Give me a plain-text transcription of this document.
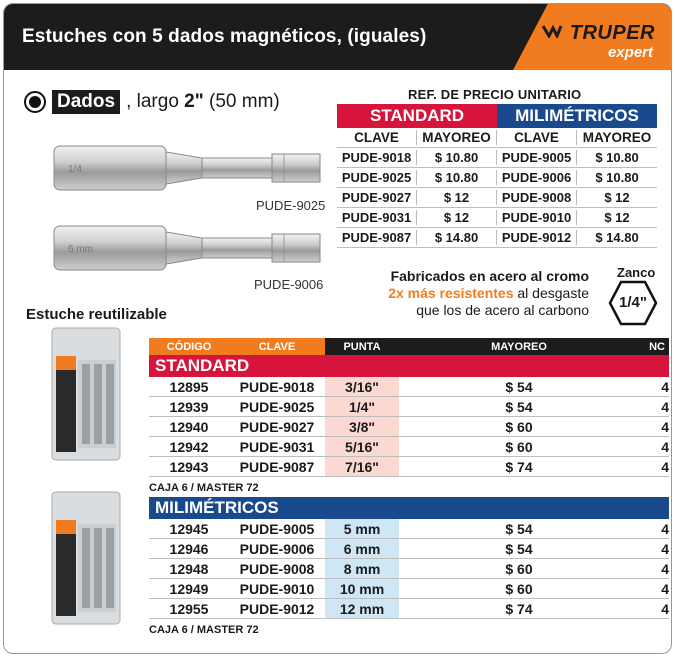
Estuches con 5 dados magnéticos, (iguales)	TRUPER
expert
Dados , largo 2" (50 mm)
1/4
PUDE-9025
6 mm
PUDE-9006
REF. DE PRECIO UNITARIO
STANDARD	MILIMÉTRICOS
CLAVE	MAYOREO	CLAVE	MAYOREO
PUDE-9018	$ 10.80	PUDE-9005	$ 10.80
PUDE-9025	$ 10.80	PUDE-9006	$ 10.80
PUDE-9027	$ 12	PUDE-9008	$ 12
PUDE-9031	$ 12	PUDE-9010	$ 12
PUDE-9087	$ 14.80	PUDE-9012	$ 14.80
Fabricados en acero al cromo
2x más resistentes al desgaste
que los de acero al carbono
Zanco
1/4"
Estuche reutilizable
CÓDIGO	CLAVE	PUNTA	MAYOREO	NC
STANDARD
12895	PUDE-9018	3/16"	$ 54	4
12939	PUDE-9025	1/4"	$ 54	4
12940	PUDE-9027	3/8"	$ 60	4
12942	PUDE-9031	5/16"	$ 60	4
12943	PUDE-9087	7/16"	$ 74	4
CAJA 6 / MASTER 72
MILIMÉTRICOS
12945	PUDE-9005	5 mm	$ 54	4
12946	PUDE-9006	6 mm	$ 54	4
12948	PUDE-9008	8 mm	$ 60	4
12949	PUDE-9010	10 mm	$ 60	4
12955	PUDE-9012	12 mm	$ 74	4
CAJA 6 / MASTER 72
